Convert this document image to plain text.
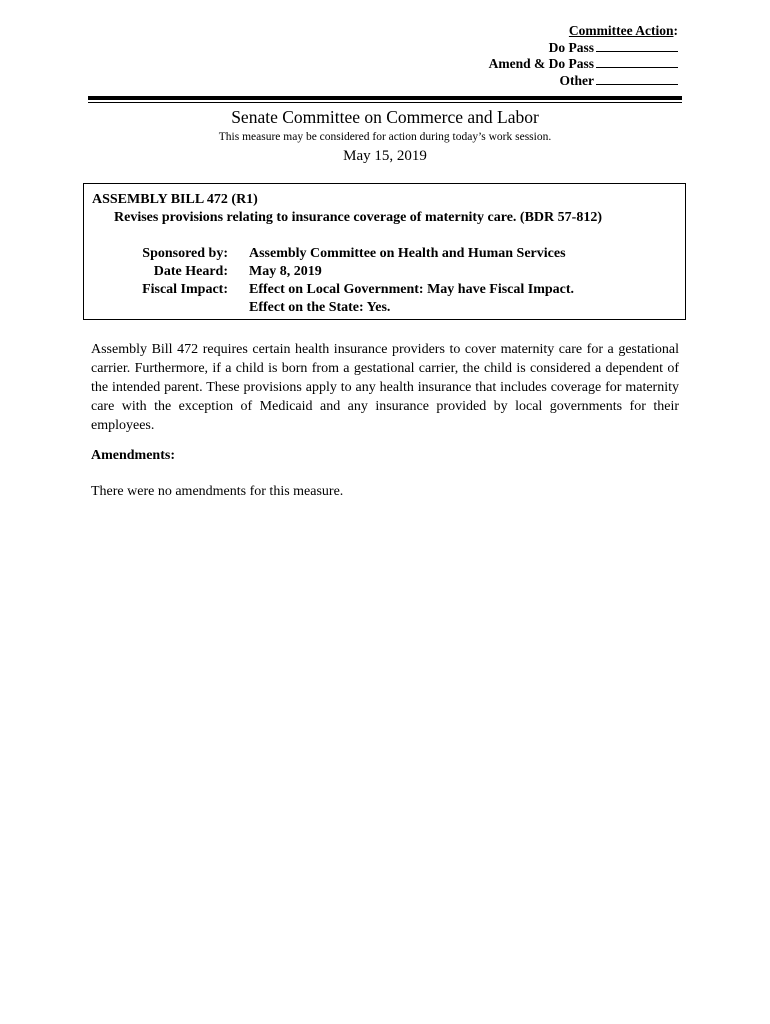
Committee Action:
Do Pass
Amend & Do Pass
Other
Senate Committee on Commerce and Labor
This measure may be considered for action during today’s work session.
May 15, 2019
ASSEMBLY BILL 472 (R1)
Revises provisions relating to insurance coverage of maternity care. (BDR 57-812)
Sponsored by: Assembly Committee on Health and Human Services
Date Heard: May 8, 2019
Fiscal Impact: Effect on Local Government: May have Fiscal Impact.
Effect on the State: Yes.
Assembly Bill 472 requires certain health insurance providers to cover maternity care for a gestational carrier. Furthermore, if a child is born from a gestational carrier, the child is considered a dependent of the intended parent. These provisions apply to any health insurance that includes coverage for maternity care with the exception of Medicaid and any insurance provided by local governments for their employees.
Amendments:
There were no amendments for this measure.
